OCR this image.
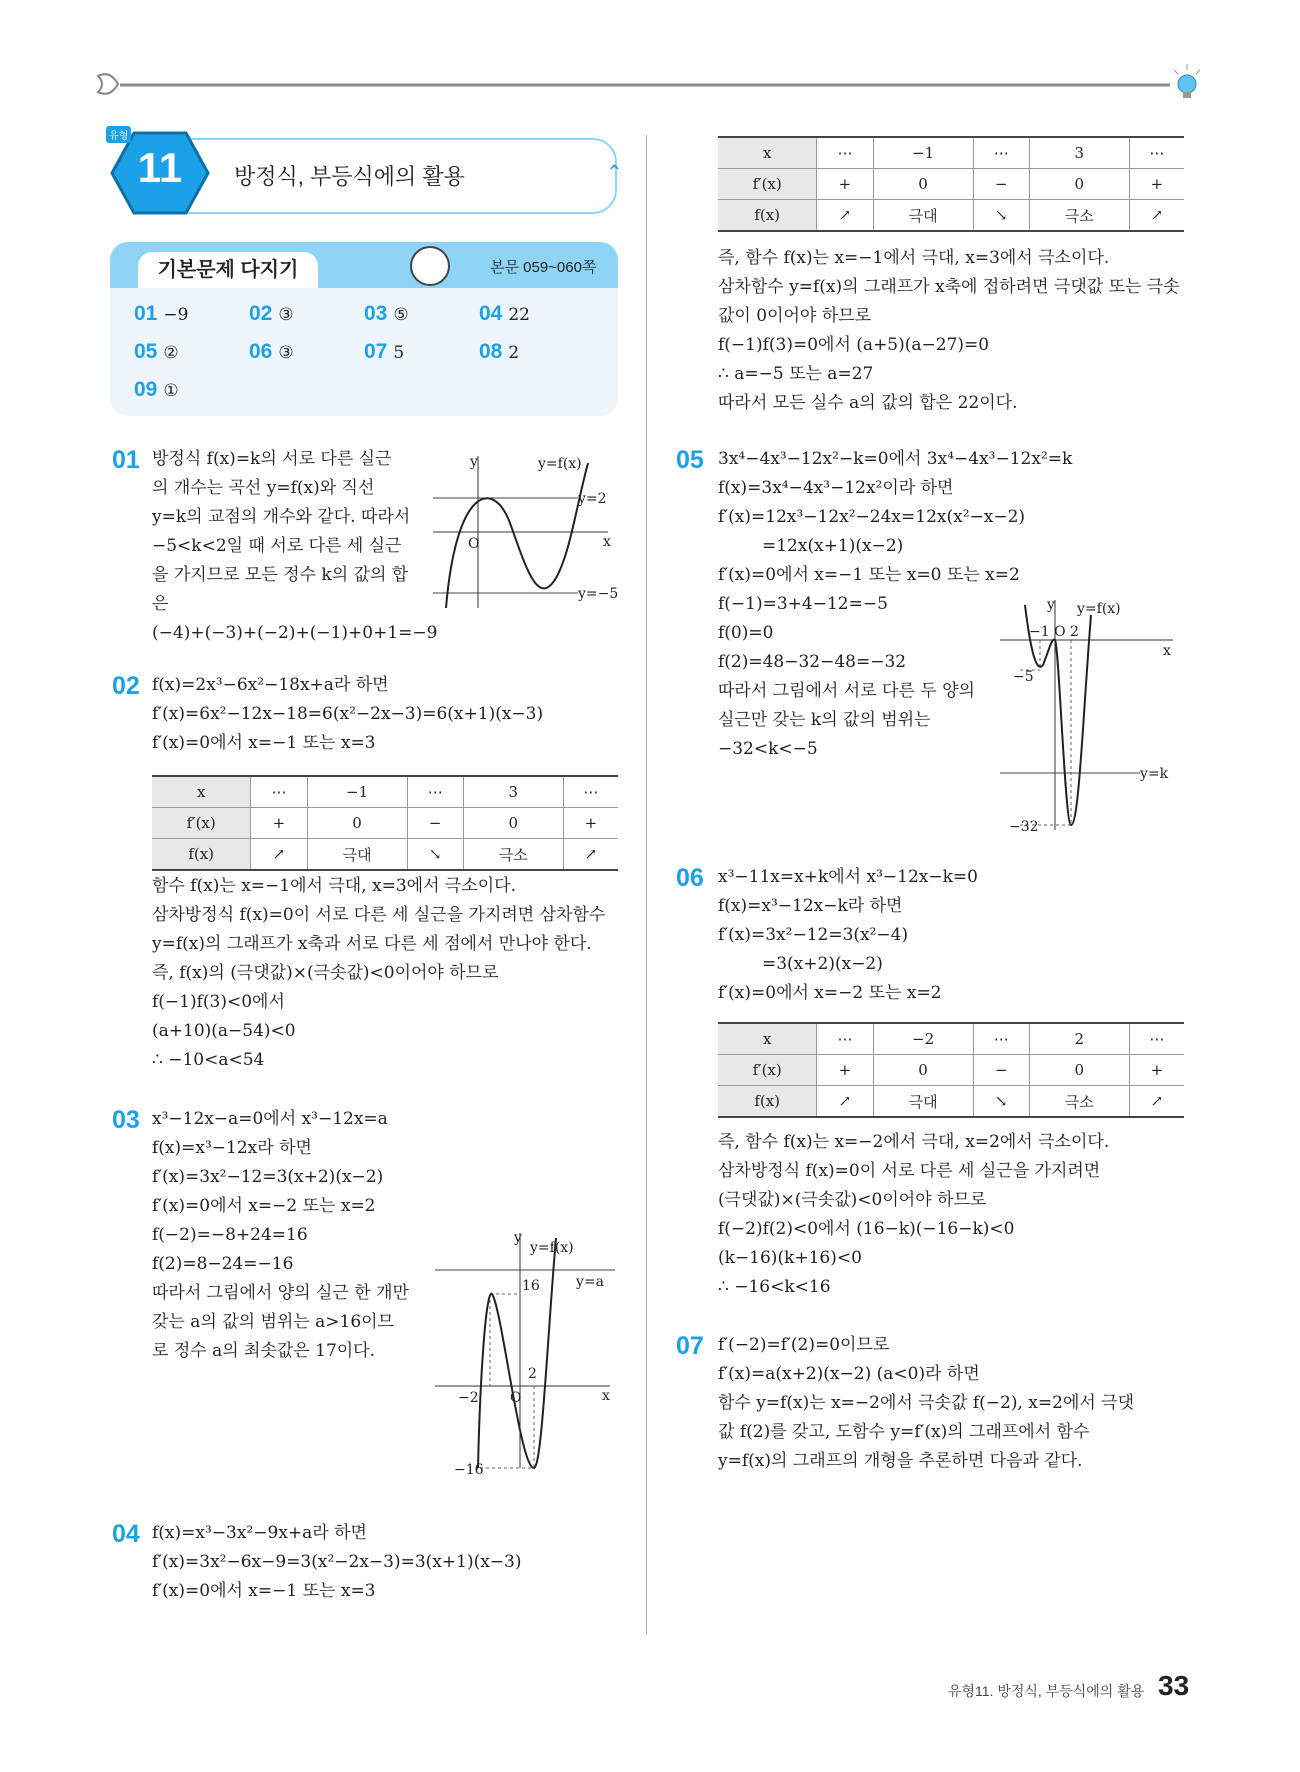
11
유형
방정식, 부등식에의 활용	⌃
기본문제 다지기	본문 059~060쪽
01 −9	02 ③	03 ⑤	04 22
05 ②	06 ③	07 5	08 2
09 ①
01 방정식 f(x)=k의 서로 다른 실근
의 개수는 곡선 y=f(x)와 직선
y=k의 교점의 개수와 같다. 따라서
−5<k<2일 때 서로 다른 세 실근
을 가지므로 모든 정수 k의 값의 합
은
(−4)+(−3)+(−2)+(−1)+0+1=−9
y
x
O
y=f(x)
y=2
y=−5
02 f(x)=2x³−6x²−18x+a라 하면
f′(x)=6x²−12x−18=6(x²−2x−3)=6(x+1)(x−3)
f′(x)=0에서 x=−1 또는 x=3
x	⋯	−1	⋯	3	⋯
f′(x)	+	0	−	0	+
f(x)	↗	극대	↘	극소	↗
함수 f(x)는 x=−1에서 극대, x=3에서 극소이다.
삼차방정식 f(x)=0이 서로 다른 세 실근을 가지려면 삼차함수
y=f(x)의 그래프가 x축과 서로 다른 세 점에서 만나야 한다.
즉, f(x)의 (극댓값)×(극솟값)<0이어야 하므로
f(−1)f(3)<0에서
(a+10)(a−54)<0
∴ −10<a<54
03 x³−12x−a=0에서 x³−12x=a
f(x)=x³−12x라 하면
f′(x)=3x²−12=3(x+2)(x−2)
f′(x)=0에서 x=−2 또는 x=2
f(−2)=−8+24=16
f(2)=8−24=−16
따라서 그림에서 양의 실근 한 개만
갖는 a의 값의 범위는 a>16이므
로 정수 a의 최솟값은 17이다.
y
x
O
y=f(x)
y=a
16
−16
−2
2
04 f(x)=x³−3x²−9x+a라 하면
f′(x)=3x²−6x−9=3(x²−2x−3)=3(x+1)(x−3)
f′(x)=0에서 x=−1 또는 x=3
x	⋯	−1	⋯	3	⋯
f′(x)	+	0	−	0	+
f(x)	↗	극대	↘	극소	↗
즉, 함수 f(x)는 x=−1에서 극대, x=3에서 극소이다.
삼차함수 y=f(x)의 그래프가 x축에 접하려면 극댓값 또는 극솟
값이 0이어야 하므로
f(−1)f(3)=0에서 (a+5)(a−27)=0
∴ a=−5 또는 a=27
따라서 모든 실수 a의 값의 합은 22이다.
05 3x⁴−4x³−12x²−k=0에서 3x⁴−4x³−12x²=k
f(x)=3x⁴−4x³−12x²이라 하면
f′(x)=12x³−12x²−24x=12x(x²−x−2)
=12x(x+1)(x−2)
f′(x)=0에서 x=−1 또는 x=0 또는 x=2
f(−1)=3+4−12=−5
f(0)=0
f(2)=48−32−48=−32
따라서 그림에서 서로 다른 두 양의
실근만 갖는 k의 값의 범위는
−32<k<−5
y
x
y=f(x)
−1 O 2
−5
−32
y=k
06 x³−11x=x+k에서 x³−12x−k=0
f(x)=x³−12x−k라 하면
f′(x)=3x²−12=3(x²−4)
=3(x+2)(x−2)
f′(x)=0에서 x=−2 또는 x=2
x	⋯	−2	⋯	2	⋯
f′(x)	+	0	−	0	+
f(x)	↗	극대	↘	극소	↗
즉, 함수 f(x)는 x=−2에서 극대, x=2에서 극소이다.
삼차방정식 f(x)=0이 서로 다른 세 실근을 가지려면
(극댓값)×(극솟값)<0이어야 하므로
f(−2)f(2)<0에서 (16−k)(−16−k)<0
(k−16)(k+16)<0
∴ −16<k<16
07 f′(−2)=f′(2)=0이므로
f′(x)=a(x+2)(x−2) (a<0)라 하면
함수 y=f(x)는 x=−2에서 극솟값 f(−2), x=2에서 극댓
값 f(2)를 갖고, 도함수 y=f′(x)의 그래프에서 함수
y=f(x)의 그래프의 개형을 추론하면 다음과 같다.
유형11. 방정식, 부등식에의 활용 33
